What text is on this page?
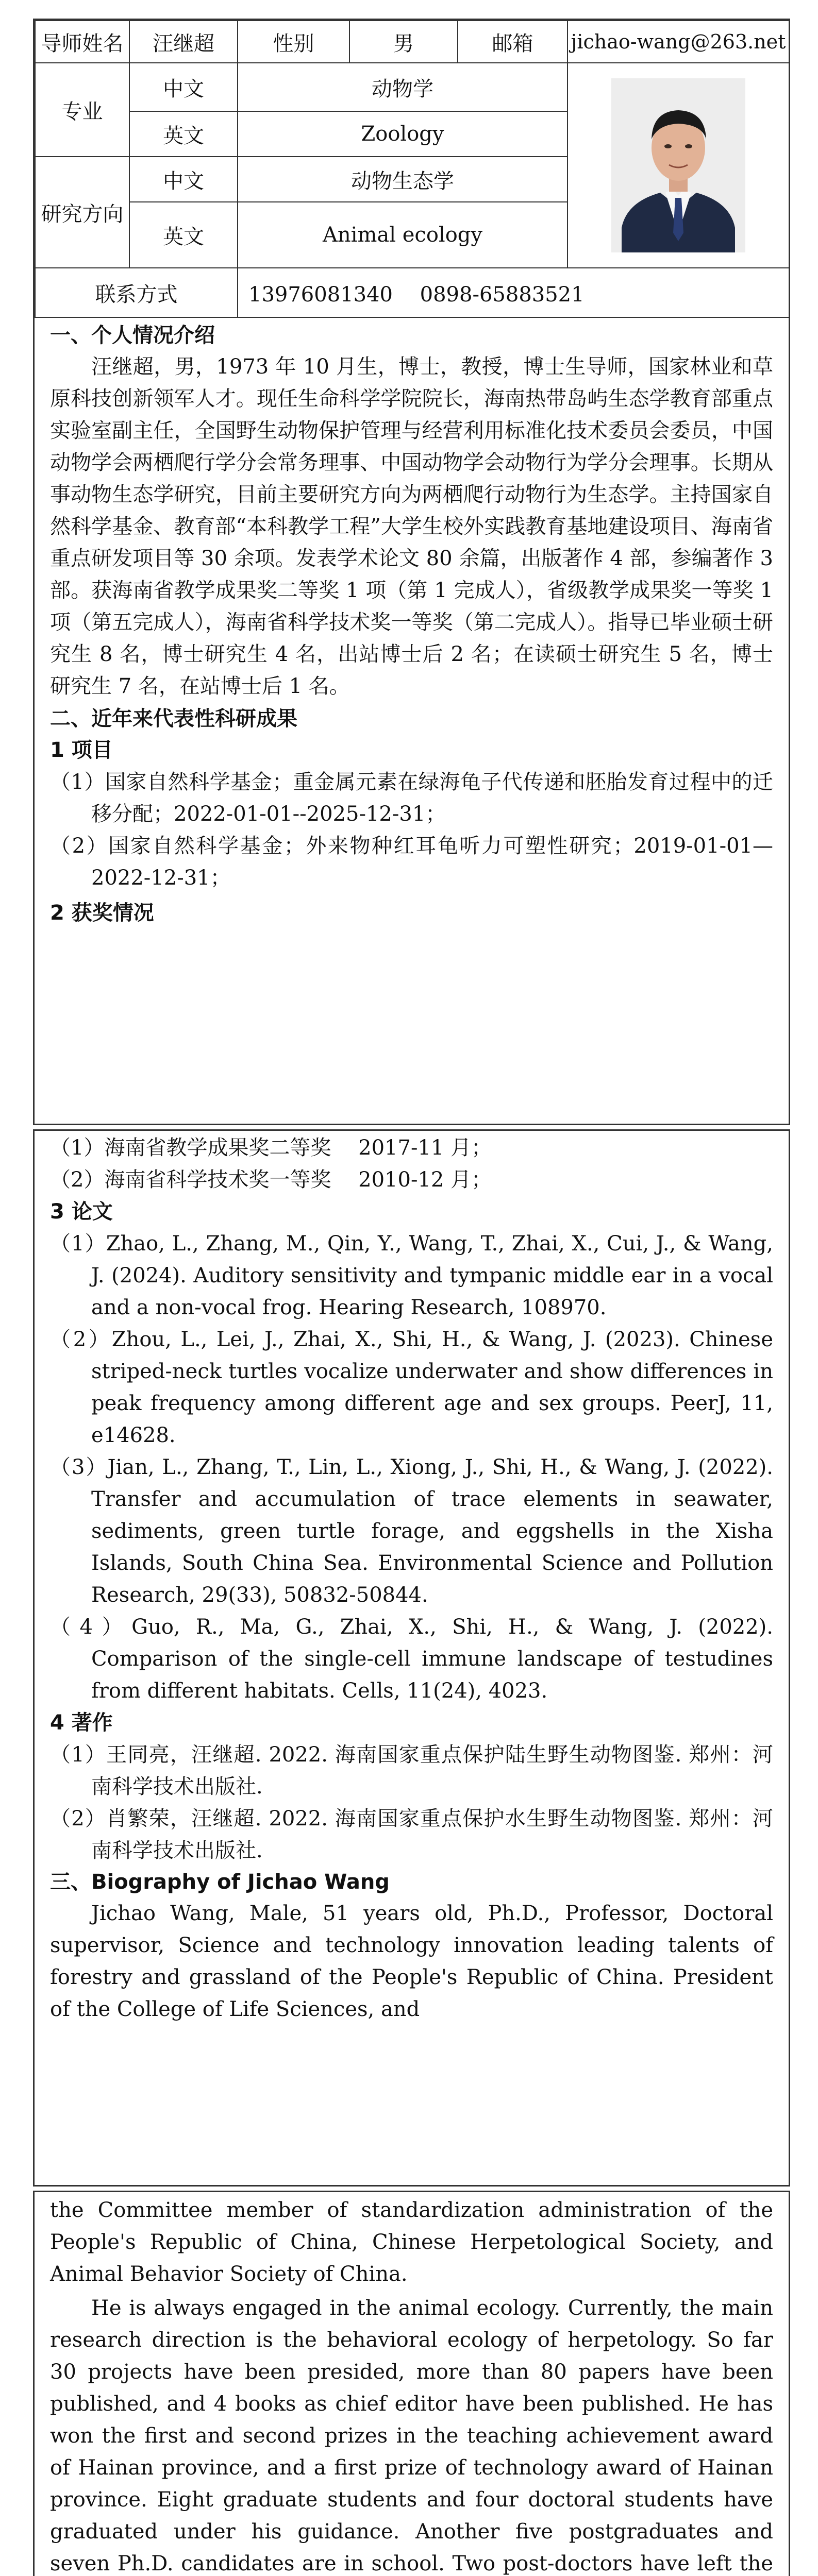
导师姓名	汪继超	性别	男	邮箱	jichao-wang@263.net
专业	中文	动物学	

	英文	Zoology			
研究方向	中文	动物生态学			
	英文	Animal ecology			
联系方式		13976081340　 0898-65883521			

一、个人情况介绍

汪继超，男，1973 年 10 月生，博士，教授，博士生导师，国家林业和草原科技创新领军人才。现任生命科学学院院长，海南热带岛屿生态学教育部重点实验室副主任，全国野生动物保护管理与经营利用标准化技术委员会委员，中国动物学会两栖爬行学分会常务理事、中国动物学会动物行为学分会理事。长期从事动物生态学研究，目前主要研究方向为两栖爬行动物行为生态学。主持国家自然科学基金、教育部“本科教学工程”大学生校外实践教育基地建设项目、海南省重点研发项目等 30 余项。发表学术论文 80 余篇，出版著作 4 部，参编著作 3 部。获海南省教学成果奖二等奖 1 项（第 1 完成人），省级教学成果奖一等奖 1 项（第五完成人），海南省科学技术奖一等奖（第二完成人）。指导已毕业硕士研究生 8 名，博士研究生 4 名，出站博士后 2 名；在读硕士研究生 5 名，博士研究生 7 名，在站博士后 1 名。

二、近年来代表性科研成果

1 项目

（1）国家自然科学基金；重金属元素在绿海龟子代传递和胚胎发育过程中的迁移分配；2022-01-01--2025-12-31；

（2）国家自然科学基金；外来物种红耳龟听力可塑性研究；2019-01-01—2022-12-31；

2 获奖情况

（1）海南省教学成果奖二等奖　 2017-11 月；

（2）海南省科学技术奖一等奖　 2010-12 月；

3 论文

（1）Zhao, L., Zhang, M., Qin, Y., Wang, T., Zhai, X., Cui, J., & Wang, J. (2024). Auditory sensitivity and tympanic middle ear in a vocal and a non-vocal frog. Hearing Research, 108970.

（2）Zhou, L., Lei, J., Zhai, X., Shi, H., & Wang, J. (2023). Chinese striped-neck turtles vocalize underwater and show differences in peak frequency among different age and sex groups. PeerJ, 11, e14628.

（3）Jian, L., Zhang, T., Lin, L., Xiong, J., Shi, H., & Wang, J. (2022). Transfer and accumulation of trace elements in seawater, sediments, green turtle forage, and eggshells in the Xisha Islands, South China Sea. Environmental Science and Pollution Research, 29(33), 50832-50844.

（4）Guo, R., Ma, G., Zhai, X., Shi, H., & Wang, J. (2022). Comparison of the single-cell immune landscape of testudines from different habitats. Cells, 11(24), 4023.

4 著作

（1）王同亮，汪继超. 2022. 海南国家重点保护陆生野生动物图鉴. 郑州：河南科学技术出版社.

（2）肖繁荣，汪继超. 2022. 海南国家重点保护水生野生动物图鉴. 郑州：河南科学技术出版社.

三、Biography of Jichao Wang

Jichao Wang, Male, 51 years old, Ph.D., Professor, Doctoral supervisor, Science and technology innovation leading talents of forestry and grassland of the People's Republic of China. President of the College of Life Sciences, and

the Committee member of standardization administration of the People's Republic of China, Chinese Herpetological Society, and Animal Behavior Society of China.

He is always engaged in the animal ecology. Currently, the main research direction is the behavioral ecology of herpetology. So far 30 projects have been presided, more than 80 papers have been published, and 4 books as chief editor have been published. He has won the first and second prizes in the teaching achievement award of Hainan province, and a first prize of technology award of Hainan province. Eight graduate students and four doctoral students have graduated under his guidance. Another five postgraduates and seven Ph.D. candidates are in school. Two post-doctors have left the
